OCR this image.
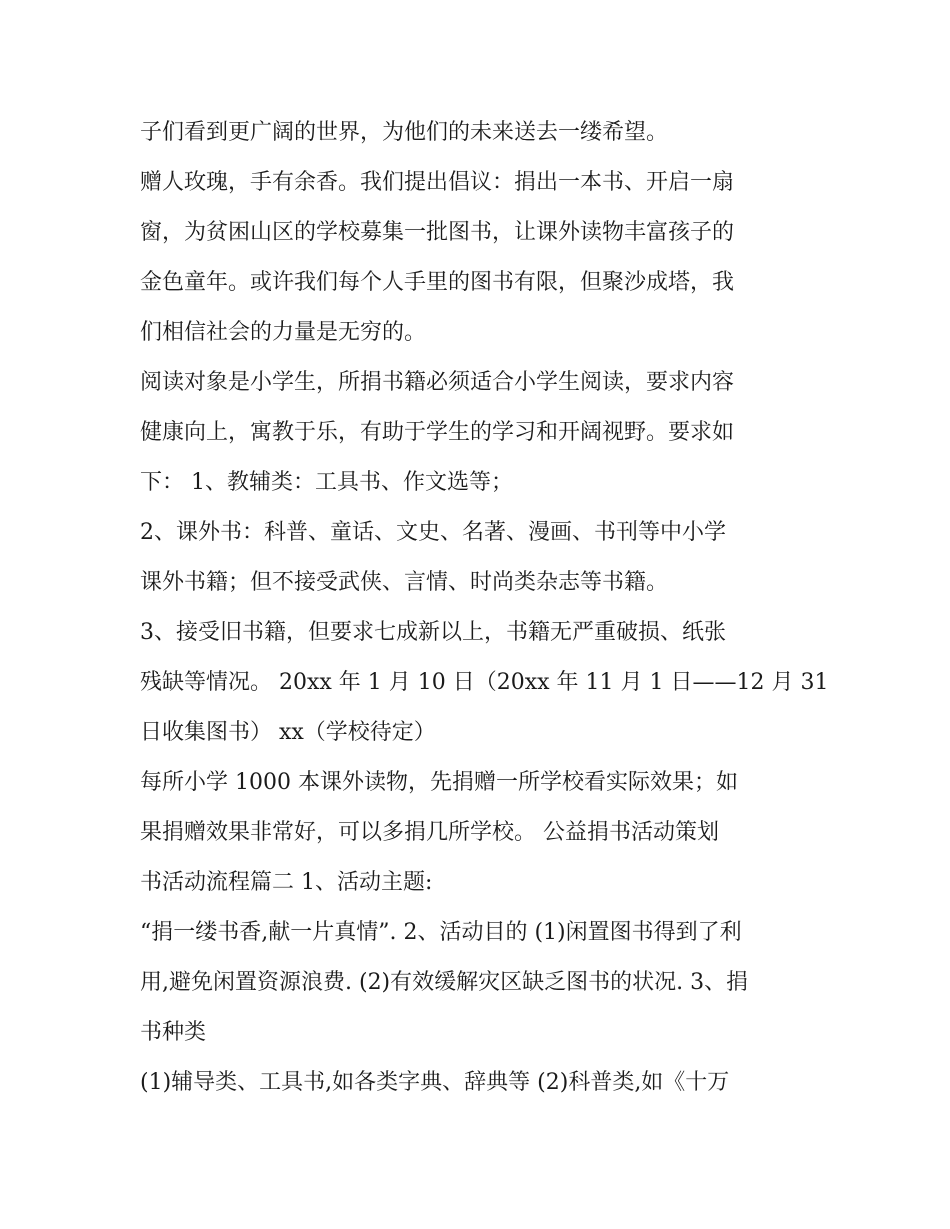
子们看到更广阔的世界，为他们的未来送去一缕希望。
赠人玫瑰，手有余香。我们提出倡议：捐出一本书、开启一扇
窗，为贫困山区的学校募集一批图书，让课外读物丰富孩子的
金色童年。或许我们每个人手里的图书有限，但聚沙成塔，我
们相信社会的力量是无穷的。
阅读对象是小学生，所捐书籍必须适合小学生阅读，要求内容
健康向上，寓教于乐，有助于学生的学习和开阔视野。要求如
下： 1、教辅类：工具书、作文选等；
2、课外书：科普、童话、文史、名著、漫画、书刊等中小学
课外书籍；但不接受武侠、言情、时尚类杂志等书籍。
3、接受旧书籍，但要求七成新以上，书籍无严重破损、纸张
残缺等情况。 20xx 年 1 月 10 日（20xx 年 11 月 1 日——12 月 31
日收集图书） xx（学校待定）
每所小学 1000 本课外读物，先捐赠一所学校看实际效果；如
果捐赠效果非常好，可以多捐几所学校。 公益捐书活动策划
书活动流程篇二 1、活动主题:
“捐一缕书香,献一片真情”. 2、活动目的 (1)闲置图书得到了利
用,避免闲置资源浪费. (2)有效缓解灾区缺乏图书的状况. 3、捐
书种类
(1)辅导类、工具书,如各类字典、辞典等 (2)科普类,如《十万
